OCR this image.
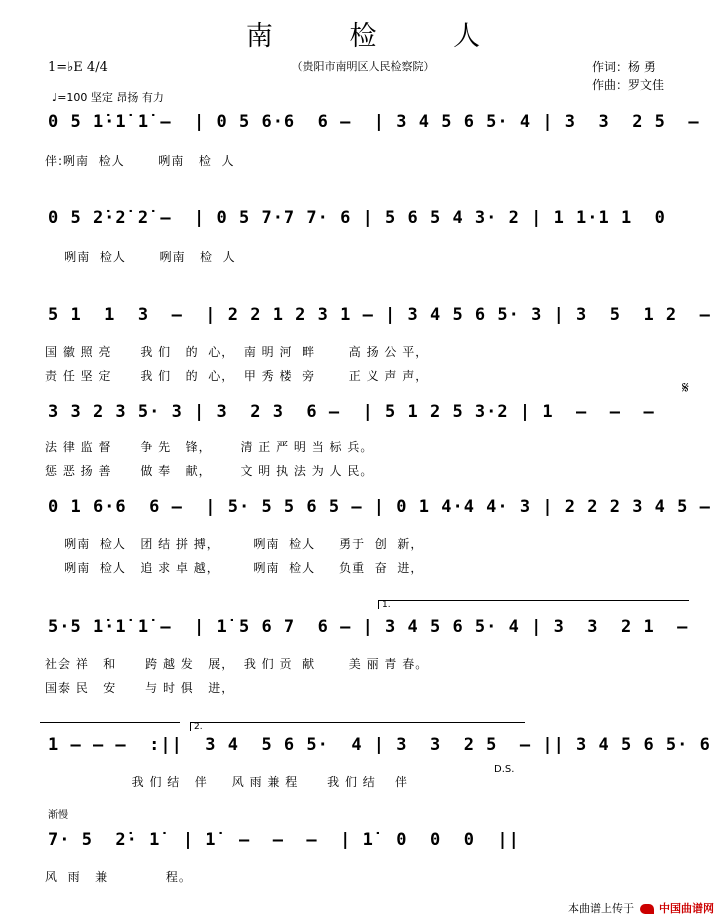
南 检 人
（贵阳市南明区人民检察院）	作词：杨 勇
作曲：罗文佳
1=♭E 4/4
♩=100 坚定 昂扬 有力
0 5 1̇·1̇ 1̇ –  | 0 5 6·6  6 –  | 3 4 5 6 5· 4 | 3  3  2 5  –
伴:咧南  检人       咧南   检  人
0 5 2̇·2̇ 2̇ –  | 0 5 7·7 7· 6 | 5 6 5 4 3· 2 | 1 1·1 1  0
咧南  检人       咧南   检  人
5 1  1  3  –  | 2 2 1 2 3 1 – | 3 4 5 6 5· 3 | 3  5  1 2  –
国 徽 照 亮      我 们   的  心，  南 明 河  畔       高 扬 公 平，
责 任 坚 定      我 们   的  心，  甲 秀 楼  旁       正 义 声 声，
𝄋
3 3 2 3 5· 3 | 3  2 3  6 –  | 5 1 2 5 3·2 | 1  –  –  –
法 律 监 督      争 先   锋，      清 正 严 明 当 标 兵。
惩 恶 扬 善      做 奉   献，      文 明 执 法 为 人 民。
0 1 6·6  6 –  | 5· 5 5 6 5 – | 0 1 4·4 4· 3 | 2 2 2 3 4 5 –
咧南  检人   团 结 拼 搏，       咧南  检人     勇于  创  新，
咧南  检人   追 求 卓 越，       咧南  检人     负重  奋  进，
1.
5·5 1̇·1̇ 1̇ –  | 1̇ 5 6 7  6 – | 3 4 5 6 5· 4 | 3  3  2 1  –
社会 祥   和      跨 越 发   展，  我 们 贡  献       美 丽 青 春。
国泰 民   安      与 时 俱   进，
2.
1 – – –  :||  3 4  5 6 5·  4 | 3  3  2 5  – || 3 4 5 6 5· 6
我 们 结   伴     风 雨 兼 程      我 们 结    伴
D.S.
渐慢
7· 5  2̇· 1̇  | 1̇  –  –  –  | 1̇  0  0  0  ||
风  雨   兼            程。
本曲谱上传于 中国曲谱网
